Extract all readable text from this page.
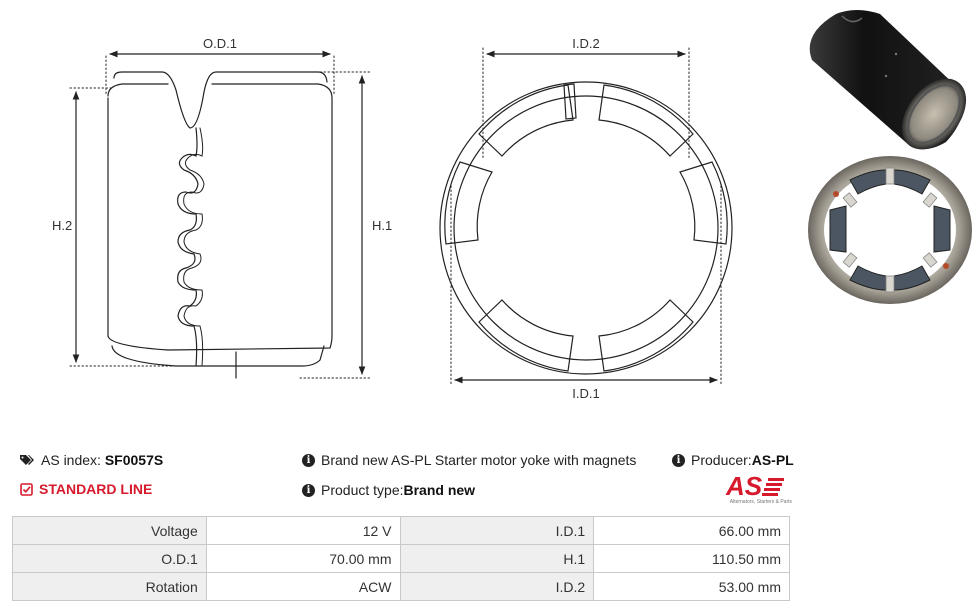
O.D.1
H.2	H.1
I.D.2
I.D.1
AS index:
SF0057S
STANDARD LINE
i Brand new AS-PL Starter motor yoke with magnets
i Product type: Brand new
i Producer: AS-PL
AS
Alternators, Starters & Parts
Voltage	12 V	I.D.1	66.00 mm
O.D.1	70.00 mm	H.1	110.50 mm
Rotation	ACW	I.D.2	53.00 mm
